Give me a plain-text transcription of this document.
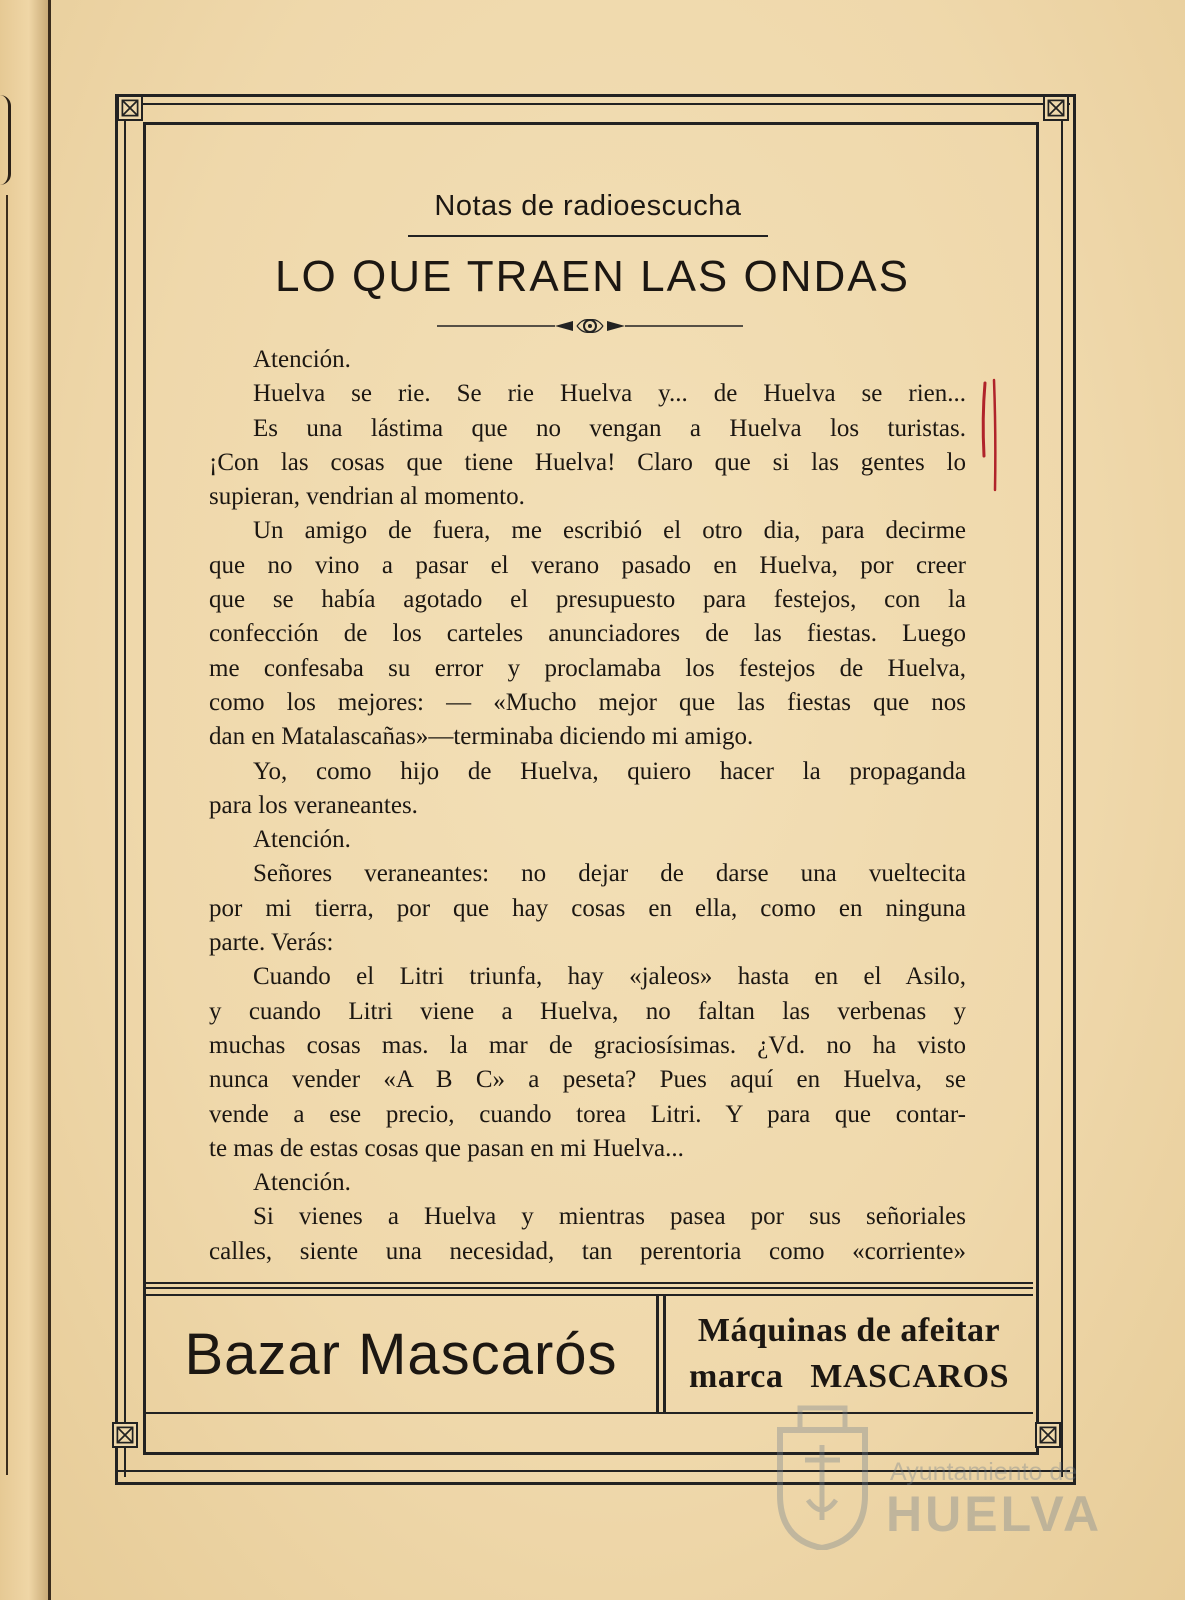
Notas de radioescucha
LO QUE TRAEN LAS ONDAS
Atención.
Huelva se rie. Se rie Huelva y... de Huelva se rien...
Es una lástima que no vengan a Huelva los turistas.
¡Con las cosas que tiene Huelva! Claro que si las gentes lo
supieran, vendrian al momento.
Un amigo de fuera, me escribió el otro dia, para decirme
que no vino a pasar el verano pasado en Huelva, por creer
que se había agotado el presupuesto para festejos, con la
confección de los carteles anunciadores de las fiestas. Luego
me confesaba su error y proclamaba los festejos de Huelva,
como los mejores: — «Mucho mejor que las fiestas que nos
dan en Matalascañas»—terminaba diciendo mi amigo.
Yo, como hijo de Huelva, quiero hacer la propaganda
para los veraneantes.
Atención.
Señores veraneantes: no dejar de darse una vueltecita
por mi tierra, por que hay cosas en ella, como en ninguna
parte. Verás:
Cuando el Litri triunfa, hay «jaleos» hasta en el Asilo,
y cuando Litri viene a Huelva, no faltan las verbenas y
muchas cosas mas. la mar de graciosísimas. ¿Vd. no ha visto
nunca vender «A B C» a peseta? Pues aquí en Huelva, se
vende a ese precio, cuando torea Litri. Y para que contar-
te mas de estas cosas que pasan en mi Huelva...
Atención.
Si vienes a Huelva y mientras pasea por sus señoriales
calles, siente una necesidad, tan perentoria como «corriente»
Bazar Mascarós	Máquinas de afeitar
marca MASCAROS
Ayuntamiento de
HUELVA
